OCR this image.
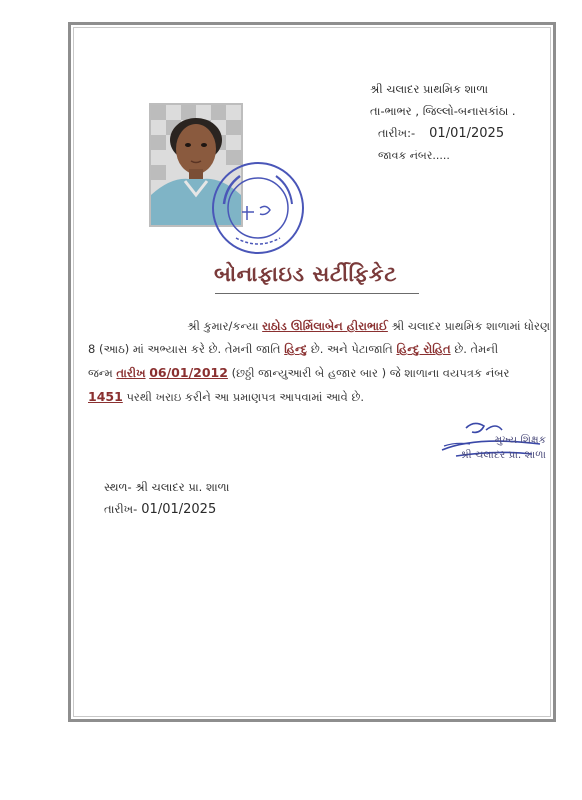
શ્રી ચલાદર પ્રાથમિક શાળા
તા-ભાભર , જિલ્લો-બનાસકાંઠા .
તારીખ:- 01/01/2025
જાવક નંબર.....
બોનાફાઇડ સર્ટીફિકેટ
શ્રી કુમાર/કન્યા રાઠોડ ઊર્મિલાબેન હીરાભાઈ શ્રી ચલાદર પ્રાથમિક શાળામાં ધોરણ
8 (આઠ) માં અભ્યાસ કરે છે. તેમની જાતિ હિન્દુ છે. અને પેટાજાતિ હિન્દુ રોહિત છે. તેમની
જન્મ તારીખ 06/01/2012 (છઠ્ઠી જાન્યુઆરી બે હજાર બાર ) જે શાળાના વયપત્રક નંબર
1451 પરથી ખરાઇ કરીને આ પ્રમાણપત્ર આપવામાં આવે છે.
મુખ્ય શિક્ષક
શ્રી ચલાદર પ્રા. શાળા
સ્થળ- શ્રી ચલાદર પ્રા. શાળા
તારીખ- 01/01/2025
